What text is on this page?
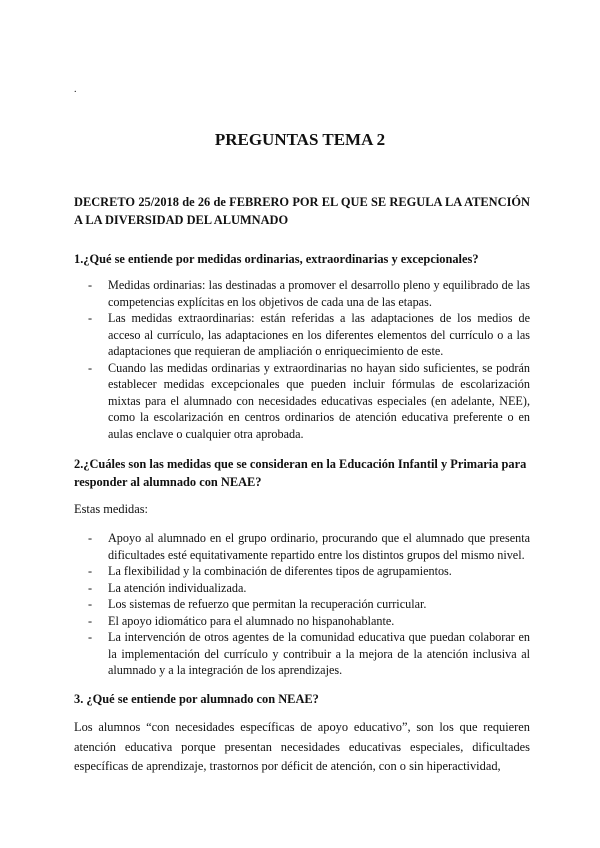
.
PREGUNTAS TEMA 2

DECRETO 25/2018 de 26 de FEBRERO POR EL QUE SE REGULA LA ATENCIÓN A LA DIVERSIDAD DEL ALUMNADO

1.¿Qué se entiende por medidas ordinarias, extraordinarias y excepcionales?

- Medidas ordinarias: las destinadas a promover el desarrollo pleno y equilibrado de las competencias explícitas en los objetivos de cada una de las etapas.
- Las medidas extraordinarias: están referidas a las adaptaciones de los medios de acceso al currículo, las adaptaciones en los diferentes elementos del currículo o a las adaptaciones que requieran de ampliación o enriquecimiento de este.
- Cuando las medidas ordinarias y extraordinarias no hayan sido suficientes, se podrán establecer medidas excepcionales que pueden incluir fórmulas de escolarización mixtas para el alumnado con necesidades educativas especiales (en adelante, NEE), como la escolarización en centros ordinarios de atención educativa preferente o en aulas enclave o cualquier otra aprobada.

2.¿Cuáles son las medidas que se consideran en la Educación Infantil y Primaria para responder al alumnado con NEAE?

Estas medidas:

- Apoyo al alumnado en el grupo ordinario, procurando que el alumnado que presenta dificultades esté equitativamente repartido entre los distintos grupos del mismo nivel.
- La flexibilidad y la combinación de diferentes tipos de agrupamientos.
- La atención individualizada.
- Los sistemas de refuerzo que permitan la recuperación curricular.
- El apoyo idiomático para el alumnado no hispanohablante.
- La intervención de otros agentes de la comunidad educativa que puedan colaborar en la implementación del currículo y contribuir a la mejora de la atención inclusiva al alumnado y a la integración de los aprendizajes.

3. ¿Qué se entiende por alumnado con NEAE?

Los alumnos “con necesidades específicas de apoyo educativo”, son los que requieren atención educativa porque presentan necesidades educativas especiales, dificultades específicas de aprendizaje, trastornos por déficit de atención, con o sin hiperactividad,
